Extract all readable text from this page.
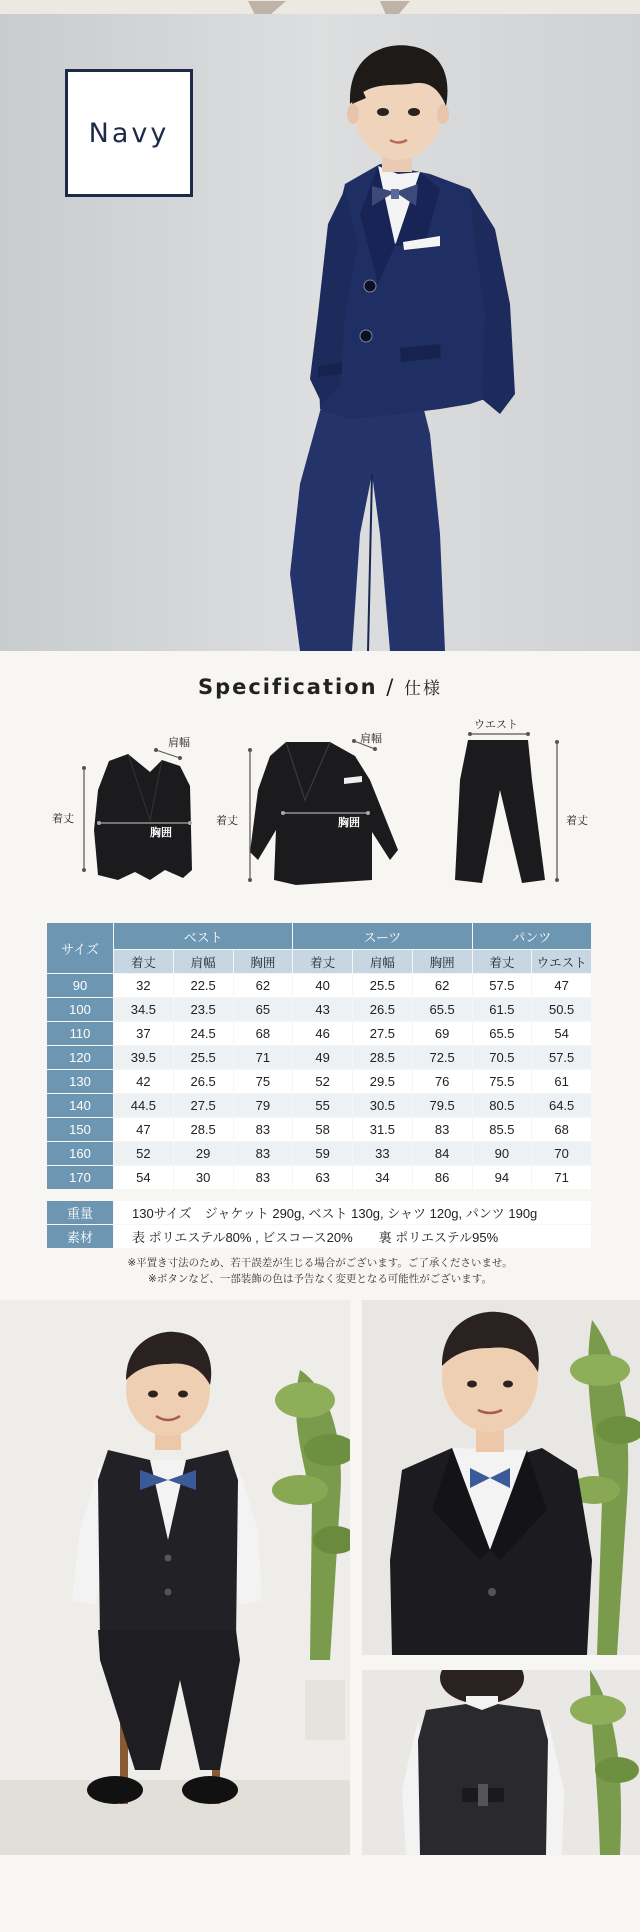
Navy
Specification / 仕様
着丈
肩幅
胸囲
着丈
肩幅
胸囲
ウエスト
着丈
サイズ	ベスト			スーツ			パンツ	
	着丈	肩幅	胸囲	着丈	肩幅	胸囲	着丈	ウエスト
90	32	22.5	62	40	25.5	62	57.5	47
100	34.5	23.5	65	43	26.5	65.5	61.5	50.5
110	37	24.5	68	46	27.5	69	65.5	54
120	39.5	25.5	71	49	28.5	72.5	70.5	57.5
130	42	26.5	75	52	29.5	76	75.5	61
140	44.5	27.5	79	55	30.5	79.5	80.5	64.5
150	47	28.5	83	58	31.5	83	85.5	68
160	52	29	83	59	33	84	90	70
170	54	30	83	63	34	86	94	71
重量	130サイズ　ジャケット 290g, ベスト 130g, シャツ 120g, パンツ 190g
素材	表 ポリエステル80% , ビスコース20%　　裏 ポリエステル95%
※平置き寸法のため、若干誤差が生じる場合がございます。ご了承くださいませ。
※ボタンなど、一部装飾の色は予告なく変更となる可能性がございます。
